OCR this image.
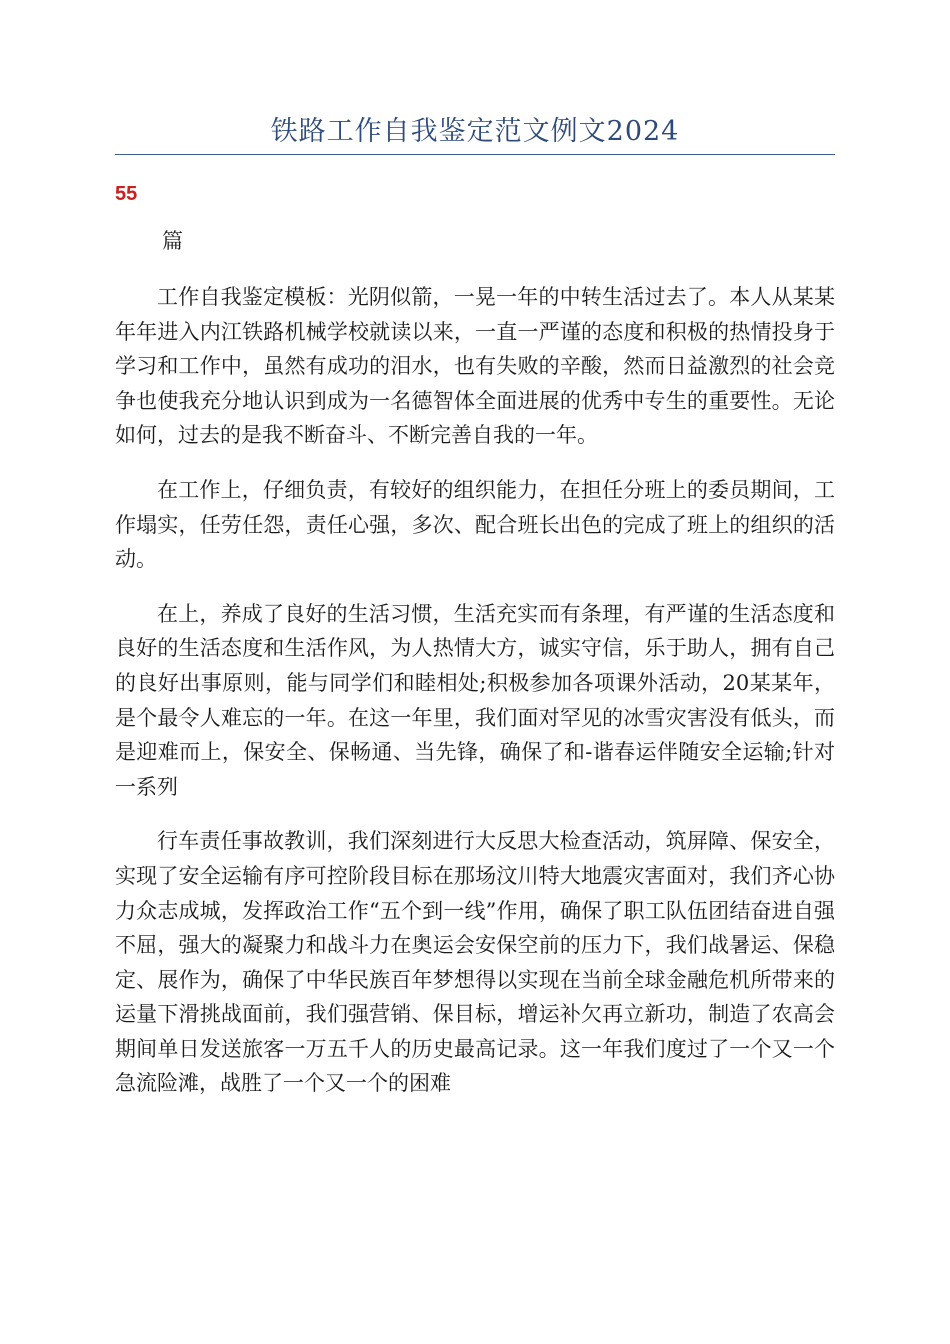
铁路工作自我鉴定范文例文2024
55
篇

工作自我鉴定模板：光阴似箭，一晃一年的中转生活过去了。本人从某某年年进入内江铁路机械学校就读以来，一直一严谨的态度和积极的热情投身于学习和工作中，虽然有成功的泪水，也有失败的辛酸，然而日益激烈的社会竞争也使我充分地认识到成为一名德智体全面进展的优秀中专生的重要性。无论如何，过去的是我不断奋斗、不断完善自我的一年。

在工作上，仔细负责，有较好的组织能力，在担任分班上的委员期间，工作塌实，任劳任怨，责任心强，多次、配合班长出色的完成了班上的组织的活动。

在上，养成了良好的生活习惯，生活充实而有条理，有严谨的生活态度和良好的生活态度和生活作风，为人热情大方，诚实守信，乐于助人，拥有自己的良好出事原则，能与同学们和睦相处;积极参加各项课外活动，20某某年，是个最令人难忘的一年。在这一年里，我们面对罕见的冰雪灾害没有低头，而是迎难而上，保安全、保畅通、当先锋，确保了和-谐春运伴随安全运输;针对一系列

行车责任事故教训，我们深刻进行大反思大检查活动，筑屏障、保安全，实现了安全运输有序可控阶段目标在那场汶川特大地震灾害面对，我们齐心协力众志成城，发挥政治工作“五个到一线”作用，确保了职工队伍团结奋进自强不屈，强大的凝聚力和战斗力在奥运会安保空前的压力下，我们战暑运、保稳定、展作为，确保了中华民族百年梦想得以实现在当前全球金融危机所带来的运量下滑挑战面前，我们强营销、保目标，增运补欠再立新功，制造了农高会期间单日发送旅客一万五千人的历史最高记录。这一年我们度过了一个又一个急流险滩，战胜了一个又一个的困难
